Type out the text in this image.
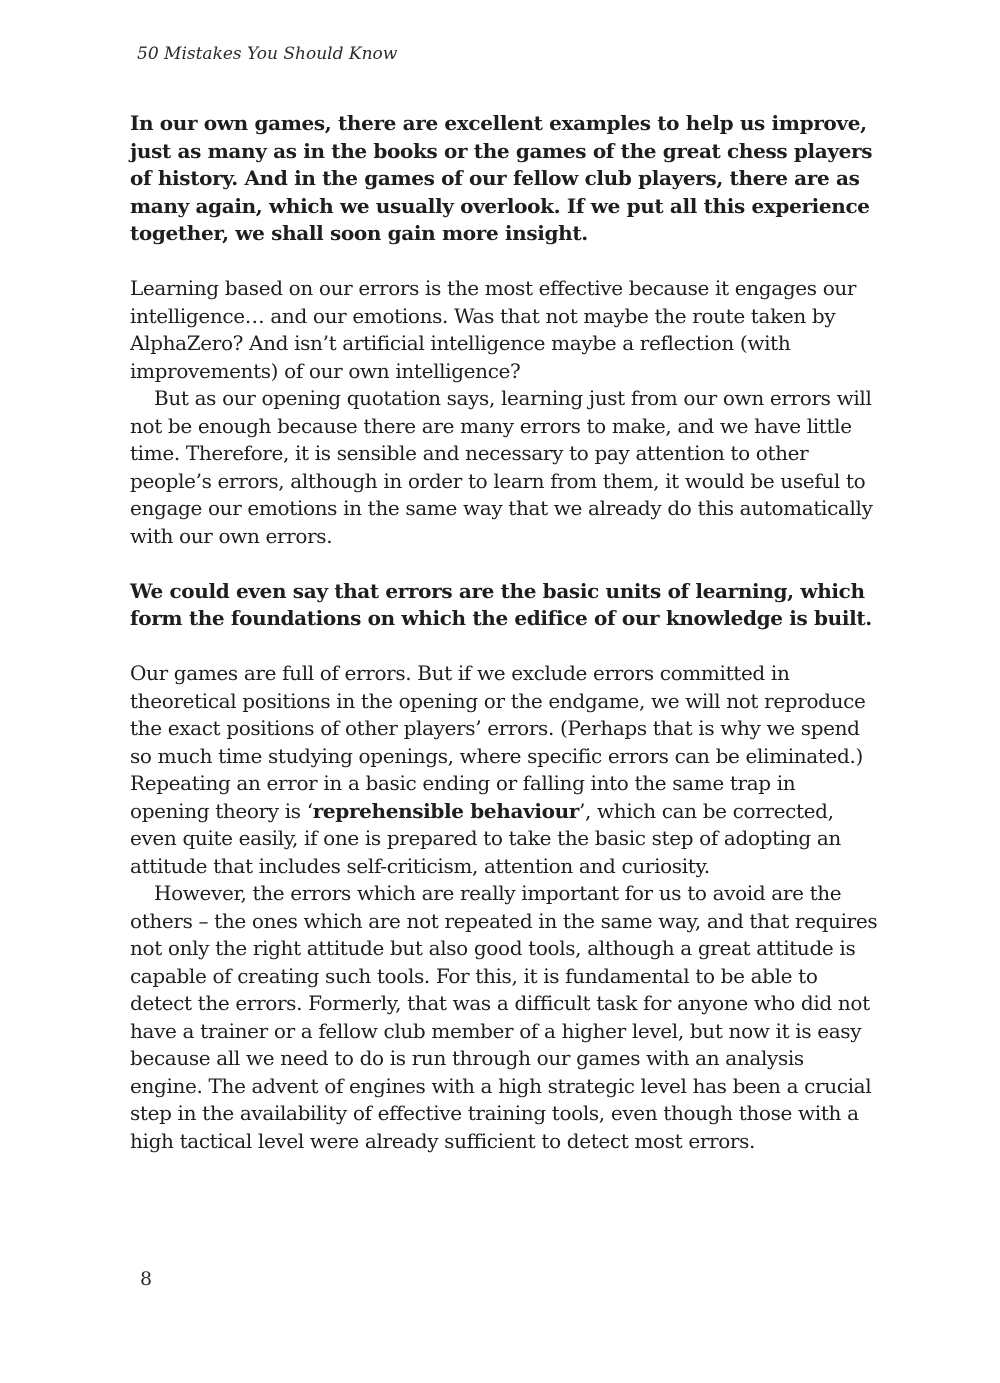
50 Mistakes You Should Know

In our own games, there are excellent examples to help us improve, just as many as in the books or the games of the great chess players of history. And in the games of our fellow club players, there are as many again, which we usually overlook. If we put all this experience together, we shall soon gain more insight.

Learning based on our errors is the most effective because it engages our intelligence… and our emotions. Was that not maybe the route taken by AlphaZero? And isn’t artificial intelligence maybe a reflection (with improvements) of our own intelligence?

But as our opening quotation says, learning just from our own errors will not be enough because there are many errors to make, and we have little time. Therefore, it is sensible and necessary to pay attention to other people’s errors, although in order to learn from them, it would be useful to engage our emotions in the same way that we already do this automatically with our own errors.

We could even say that errors are the basic units of learning, which form the foundations on which the edifice of our knowledge is built.

Our games are full of errors. But if we exclude errors committed in theoretical positions in the opening or the endgame, we will not reproduce the exact positions of other players’ errors. (Perhaps that is why we spend so much time studying openings, where specific errors can be eliminated.) Repeating an error in a basic ending or falling into the same trap in opening theory is ‘reprehensible behaviour’, which can be corrected, even quite easily, if one is prepared to take the basic step of adopting an attitude that includes self-criticism, attention and curiosity.

However, the errors which are really important for us to avoid are the others – the ones which are not repeated in the same way, and that requires not only the right attitude but also good tools, although a great attitude is capable of creating such tools. For this, it is fundamental to be able to detect the errors. Formerly, that was a difficult task for anyone who did not have a trainer or a fellow club member of a higher level, but now it is easy because all we need to do is run through our games with an analysis engine. The advent of engines with a high strategic level has been a crucial step in the availability of effective training tools, even though those with a high tactical level were already sufficient to detect most errors.

8
